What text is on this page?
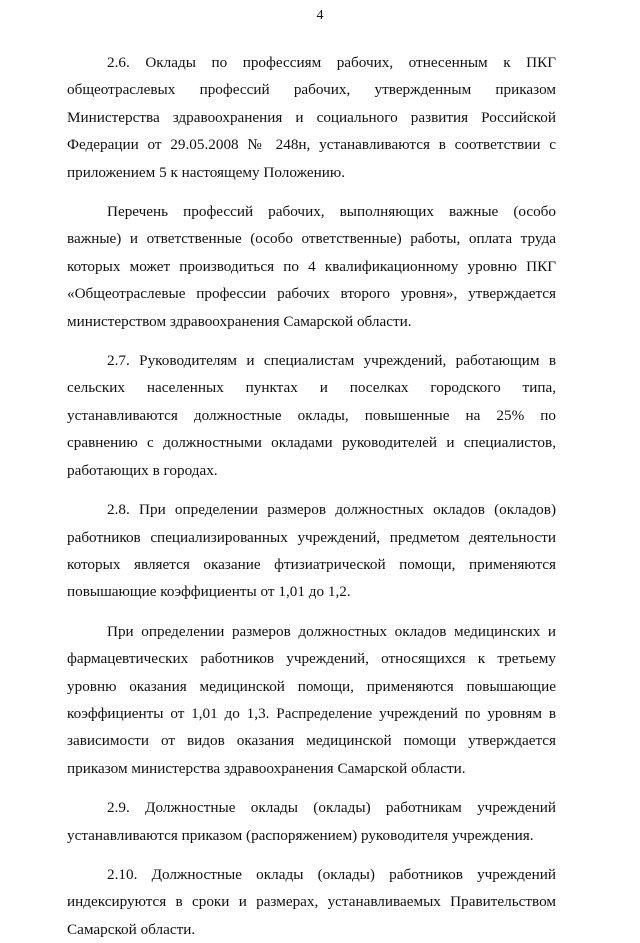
4

2.6. Оклады по профессиям рабочих, отнесенным к ПКГ общеотраслевых профессий рабочих, утвержденным приказом Министерства здравоохранения и социального развития Российской Федерации от 29.05.2008 № 248н, устанавливаются в соответствии с приложением 5 к настоящему Положению.

Перечень профессий рабочих, выполняющих важные (особо важные) и ответственные (особо ответственные) работы, оплата труда которых может производиться по 4 квалификационному уровню ПКГ «Общеотраслевые профессии рабочих второго уровня», утверждается министерством здравоохранения Самарской области.

2.7. Руководителям и специалистам учреждений, работающим в сельских населенных пунктах и поселках городского типа, устанавливаются должностные оклады, повышенные на 25% по сравнению с должностными окладами руководителей и специалистов, работающих в городах.

2.8. При определении размеров должностных окладов (окладов) работников специализированных учреждений, предметом деятельности которых является оказание фтизиатрической помощи, применяются повышающие коэффициенты от 1,01 до 1,2.

При определении размеров должностных окладов медицинских и фармацевтических работников учреждений, относящихся к третьему уровню оказания медицинской помощи, применяются повышающие коэффициенты от 1,01 до 1,3. Распределение учреждений по уровням в зависимости от видов оказания медицинской помощи утверждается приказом министерства здравоохранения Самарской области.

2.9. Должностные оклады (оклады) работникам учреждений устанавливаются приказом (распоряжением) руководителя учреждения.

2.10. Должностные оклады (оклады) работников учреждений индексируются в сроки и размерах, устанавливаемых Правительством Самарской области.
